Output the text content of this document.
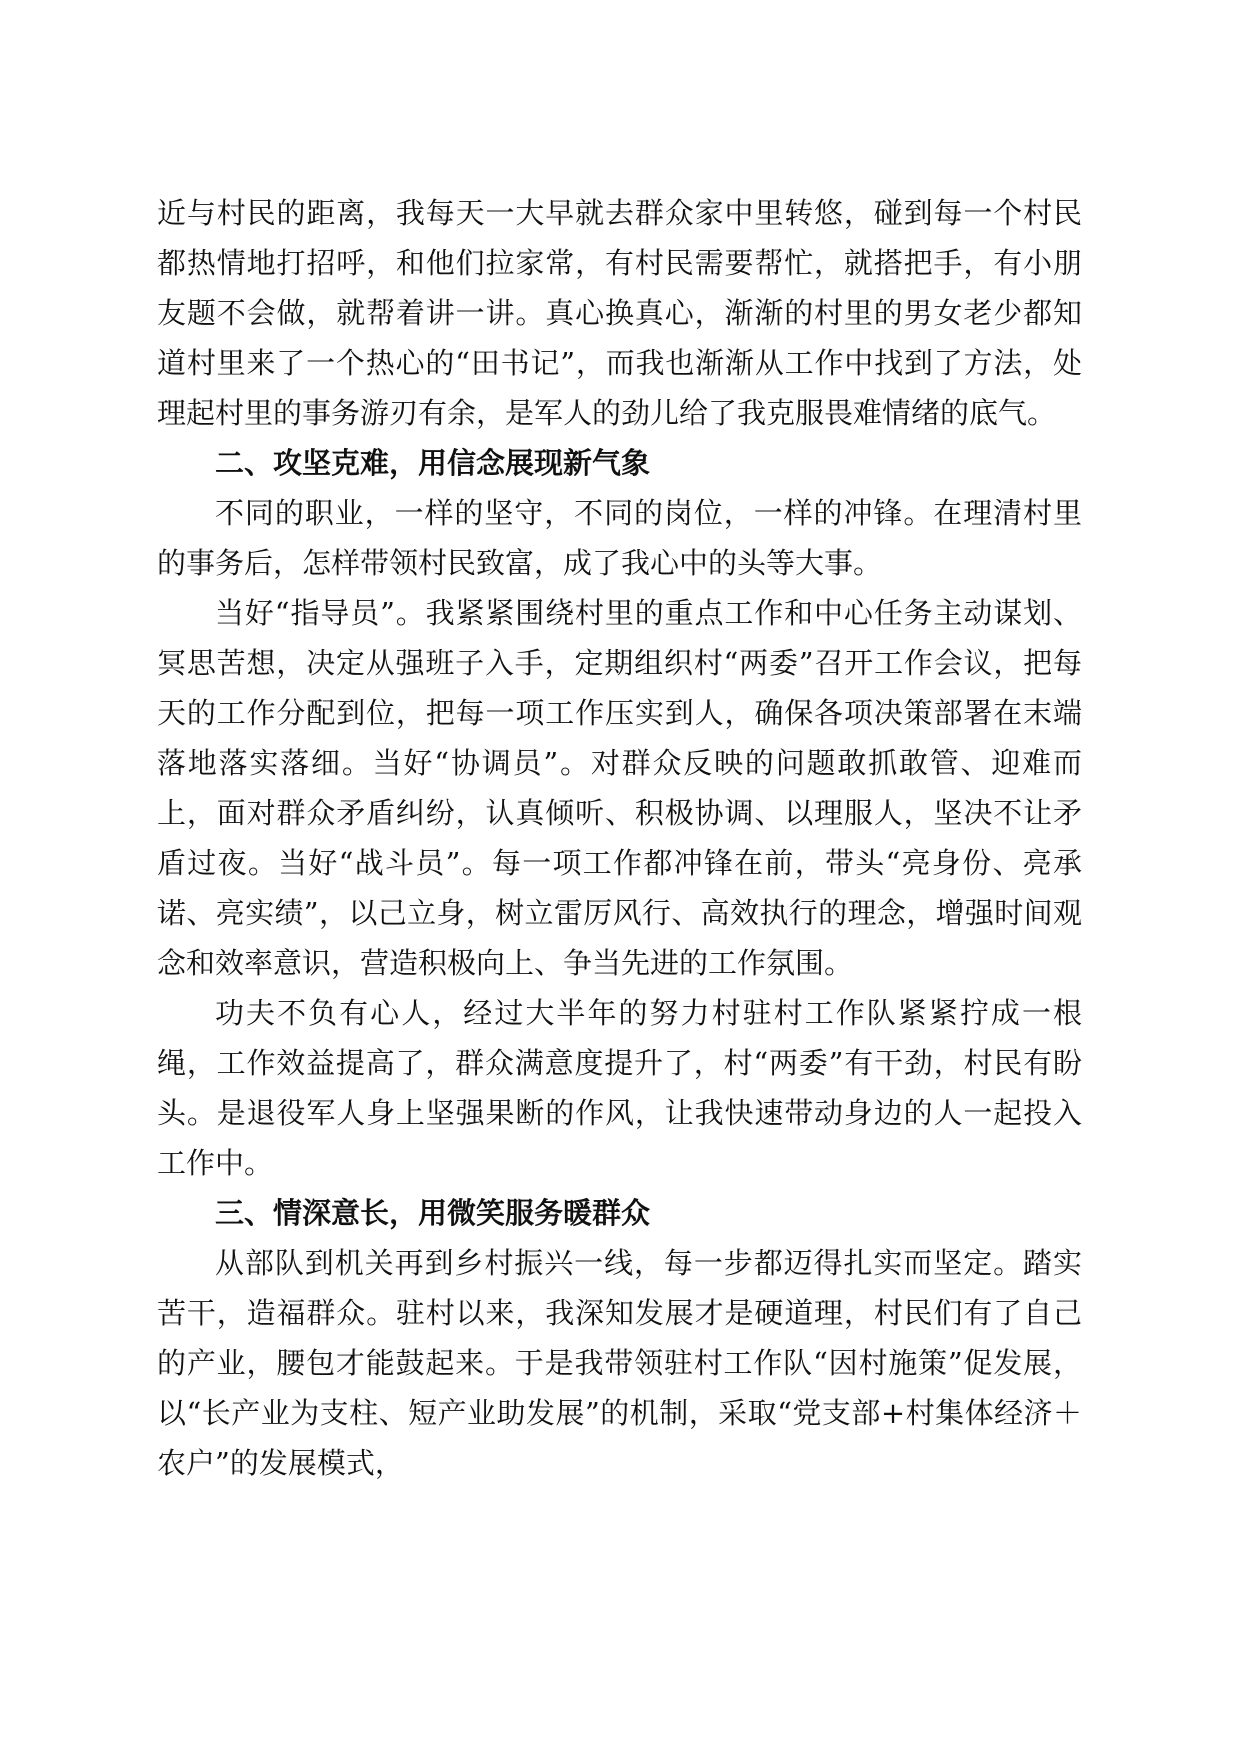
近与村民的距离，我每天一大早就去群众家中里转悠，碰到每一个村民都热情地打招呼，和他们拉家常，有村民需要帮忙，就搭把手，有小朋友题不会做，就帮着讲一讲。真心换真心，渐渐的村里的男女老少都知道村里来了一个热心的“田书记”，而我也渐渐从工作中找到了方法，处理起村里的事务游刃有余，是军人的劲儿给了我克服畏难情绪的底气。

二、攻坚克难，用信念展现新气象

不同的职业，一样的坚守，不同的岗位，一样的冲锋。在理清村里的事务后，怎样带领村民致富，成了我心中的头等大事。

当好“指导员”。我紧紧围绕村里的重点工作和中心任务主动谋划、冥思苦想，决定从强班子入手，定期组织村“两委”召开工作会议，把每天的工作分配到位，把每一项工作压实到人，确保各项决策部署在末端落地落实落细。当好“协调员”。对群众反映的问题敢抓敢管、迎难而上，面对群众矛盾纠纷，认真倾听、积极协调、以理服人，坚决不让矛盾过夜。当好“战斗员”。每一项工作都冲锋在前，带头“亮身份、亮承诺、亮实绩”，以己立身，树立雷厉风行、高效执行的理念，增强时间观念和效率意识，营造积极向上、争当先进的工作氛围。

功夫不负有心人，经过大半年的努力村驻村工作队紧紧拧成一根绳，工作效益提高了，群众满意度提升了，村“两委”有干劲，村民有盼头。是退役军人身上坚强果断的作风，让我快速带动身边的人一起投入工作中。

三、情深意长，用微笑服务暖群众

从部队到机关再到乡村振兴一线，每一步都迈得扎实而坚定。踏实苦干，造福群众。驻村以来，我深知发展才是硬道理，村民们有了自己的产业，腰包才能鼓起来。于是我带领驻村工作队“因村施策”促发展，以“长产业为支柱、短产业助发展”的机制，采取“党支部+村集体经济＋农户”的发展模式，
